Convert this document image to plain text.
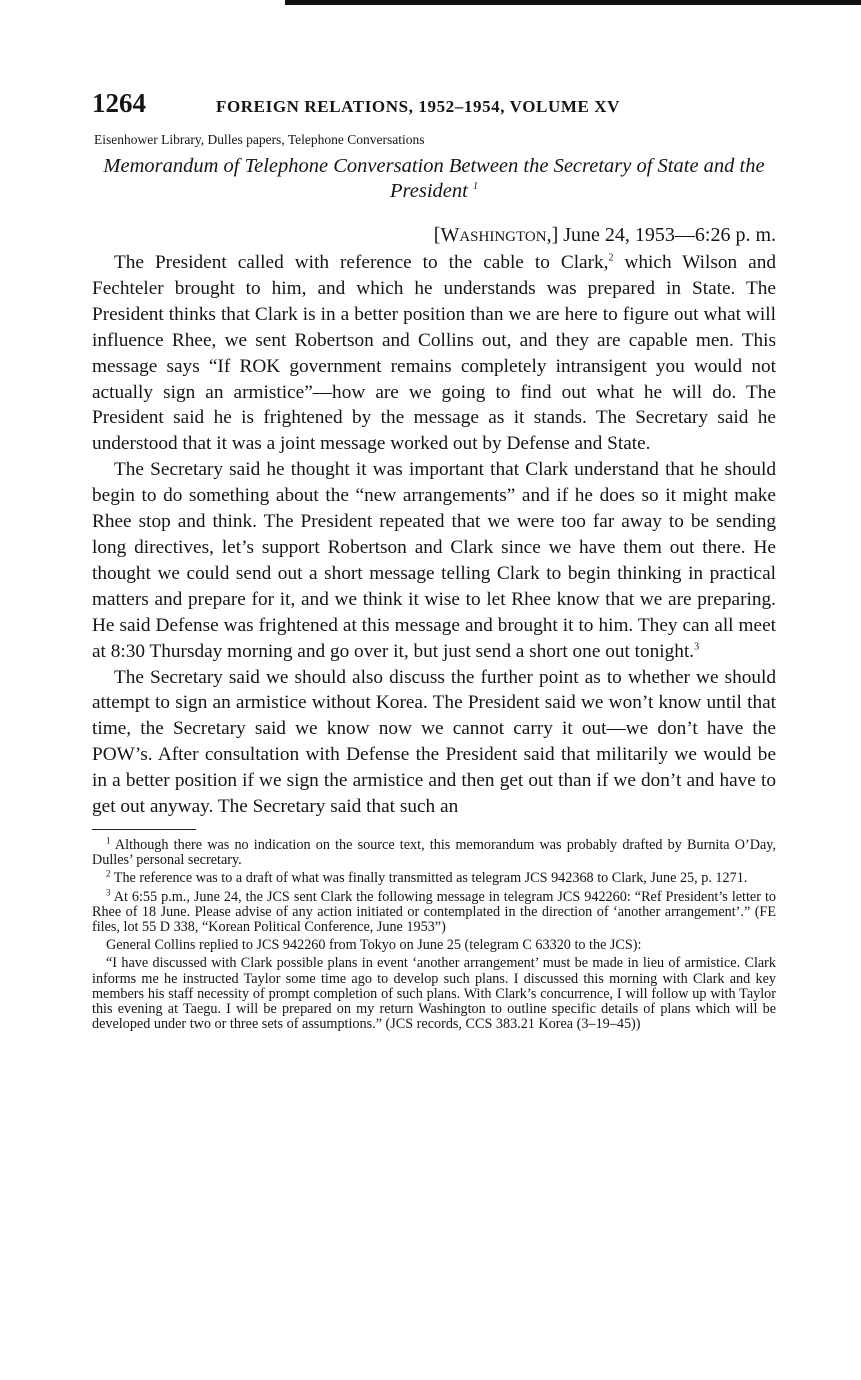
1264	FOREIGN RELATIONS, 1952–1954, VOLUME XV
Eisenhower Library, Dulles papers, Telephone Conversations
Memorandum of Telephone Conversation Between the Secretary of State and the President $^1$
[WASHINGTON,] June 24, 1953—6:26 p. m.

The President called with reference to the cable to Clark,$^2$ which Wilson and Fechteler brought to him, and which he understands was prepared in State. The President thinks that Clark is in a better position than we are here to figure out what will influence Rhee, we sent Robertson and Collins out, and they are capable men. This message says “If ROK government remains completely intransigent you would not actually sign an armistice”—how are we going to find out what he will do. The President said he is frightened by the message as it stands. The Secretary said he understood that it was a joint message worked out by Defense and State.

The Secretary said he thought it was important that Clark understand that he should begin to do something about the “new arrangements” and if he does so it might make Rhee stop and think. The President repeated that we were too far away to be sending long directives, let’s support Robertson and Clark since we have them out there. He thought we could send out a short message telling Clark to begin thinking in practical matters and prepare for it, and we think it wise to let Rhee know that we are preparing. He said Defense was frightened at this message and brought it to him. They can all meet at 8:30 Thursday morning and go over it, but just send a short one out tonight.$^3$

The Secretary said we should also discuss the further point as to whether we should attempt to sign an armistice without Korea. The President said we won’t know until that time, the Secretary said we know now we cannot carry it out—we don’t have the POW’s. After consultation with Defense the President said that militarily we would be in a better position if we sign the armistice and then get out than if we don’t and have to get out anyway. The Secretary said that such an

$^1$ Although there was no indication on the source text, this memorandum was probably drafted by Burnita O’Day, Dulles’ personal secretary.

$^2$ The reference was to a draft of what was finally transmitted as telegram JCS 942368 to Clark, June 25, p. 1271.

$^3$ At 6:55 p.m., June 24, the JCS sent Clark the following message in telegram JCS 942260: “Ref President’s letter to Rhee of 18 June. Please advise of any action initiated or contemplated in the direction of ‘another arrangement’.” (FE files, lot 55 D 338, “Korean Political Conference, June 1953”)

General Collins replied to JCS 942260 from Tokyo on June 25 (telegram C 63320 to the JCS):

“I have discussed with Clark possible plans in event ‘another arrangement’ must be made in lieu of armistice. Clark informs me he instructed Taylor some time ago to develop such plans. I discussed this morning with Clark and key members his staff necessity of prompt completion of such plans. With Clark’s concurrence, I will follow up with Taylor this evening at Taegu. I will be prepared on my return Washington to outline specific details of plans which will be developed under two or three sets of assumptions.” (JCS records, CCS 383.21 Korea (3–19–45))
